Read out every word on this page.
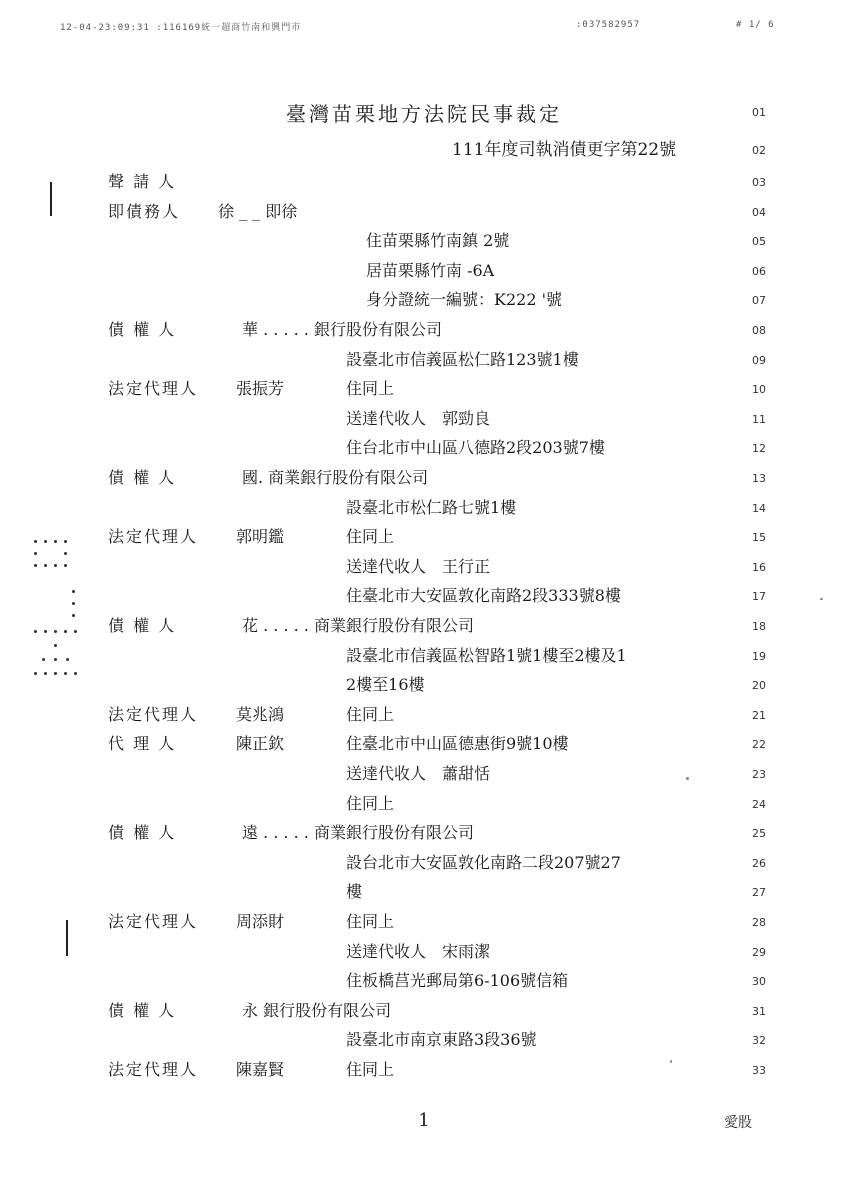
12-04-23:09:31 :116169統一超商竹南和興門市	:037582957	# 1/ 6
臺灣苗栗地方法院民事裁定	01
111年度司執消債更字第22號	02
聲 請 人	03
即債務人 徐 _ _ 即徐	04
住苗栗縣竹南鎮 2號	05
居苗栗縣竹南 -6A	06
身分證統一編號：K222 '號	07
債 權 人	華 . . . . . 銀行股份有限公司	08
設臺北市信義區松仁路123號1樓	09
法定代理人 張振芳	住同上	10
送達代收人　郭勁良	11
住台北市中山區八德路2段203號7樓	12
債 權 人	國. 商業銀行股份有限公司	13
設臺北市松仁路七號1樓	14
法定代理人 郭明鑑	住同上	15
送達代收人　王行正	16
住臺北市大安區敦化南路2段333號8樓	17
債 權 人	花 . . . . . 商業銀行股份有限公司	18
設臺北市信義區松智路1號1樓至2樓及1	19
2樓至16樓	20
法定代理人 莫兆鴻	住同上	21
代 理 人	陳正欽	住臺北市中山區德惠街9號10樓	22
送達代收人　蕭甜恬	23
住同上	24
債 權 人	遠 . . . . . 商業銀行股份有限公司	25
設台北市大安區敦化南路二段207號27	26
樓	27
法定代理人 周添財	住同上	28
送達代收人　宋雨潔	29
住板橋莒光郵局第6-106號信箱	30
債 權 人	永 銀行股份有限公司	31
設臺北市南京東路3段36號	32
法定代理人 陳嘉賢	住同上	33
1	愛股
